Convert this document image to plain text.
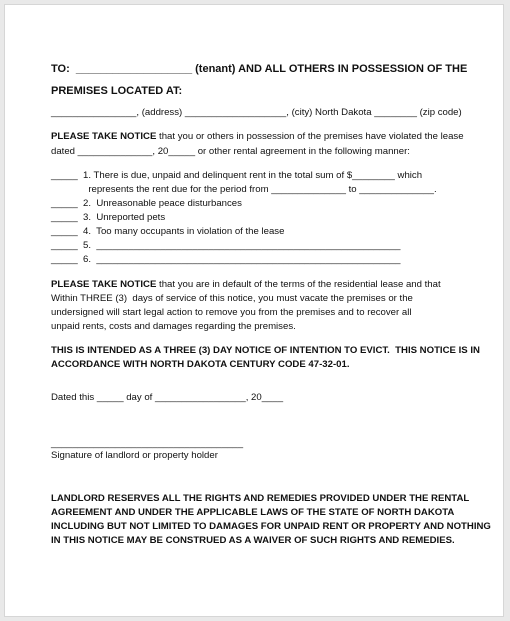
TO:  ___________________ (tenant) AND ALL OTHERS IN POSSESSION OF THE
PREMISES LOCATED AT:
________________, (address) ___________________, (city) North Dakota ________ (zip code)
PLEASE TAKE NOTICE that you or others in possession of the premises have violated the lease
dated ______________, 20_____ or other rental agreement in the following manner:
_____  1. There is due, unpaid and delinquent rent in the total sum of $________ which
represents the rent due for the period from ______________ to ______________.
_____  2.  Unreasonable peace disturbances
_____  3.  Unreported pets
_____  4.  Too many occupants in violation of the lease
_____  5.  _________________________________________________________
_____  6.  _________________________________________________________
PLEASE TAKE NOTICE that you are in default of the terms of the residential lease and that
Within THREE (3)  days of service of this notice, you must vacate the premises or the
undersigned will start legal action to remove you from the premises and to recover all
unpaid rents, costs and damages regarding the premises.
THIS IS INTENDED AS A THREE (3) DAY NOTICE OF INTENTION TO EVICT.  THIS NOTICE IS IN
ACCORDANCE WITH NORTH DAKOTA CENTURY CODE 47-32-01.
Dated this _____ day of _________________, 20____
____________________________________
Signature of landlord or property holder
LANDLORD RESERVES ALL THE RIGHTS AND REMEDIES PROVIDED UNDER THE RENTAL
AGREEMENT AND UNDER THE APPLICABLE LAWS OF THE STATE OF NORTH DAKOTA
INCLUDING BUT NOT LIMITED TO DAMAGES FOR UNPAID RENT OR PROPERTY AND NOTHING
IN THIS NOTICE MAY BE CONSTRUED AS A WAIVER OF SUCH RIGHTS AND REMEDIES.
